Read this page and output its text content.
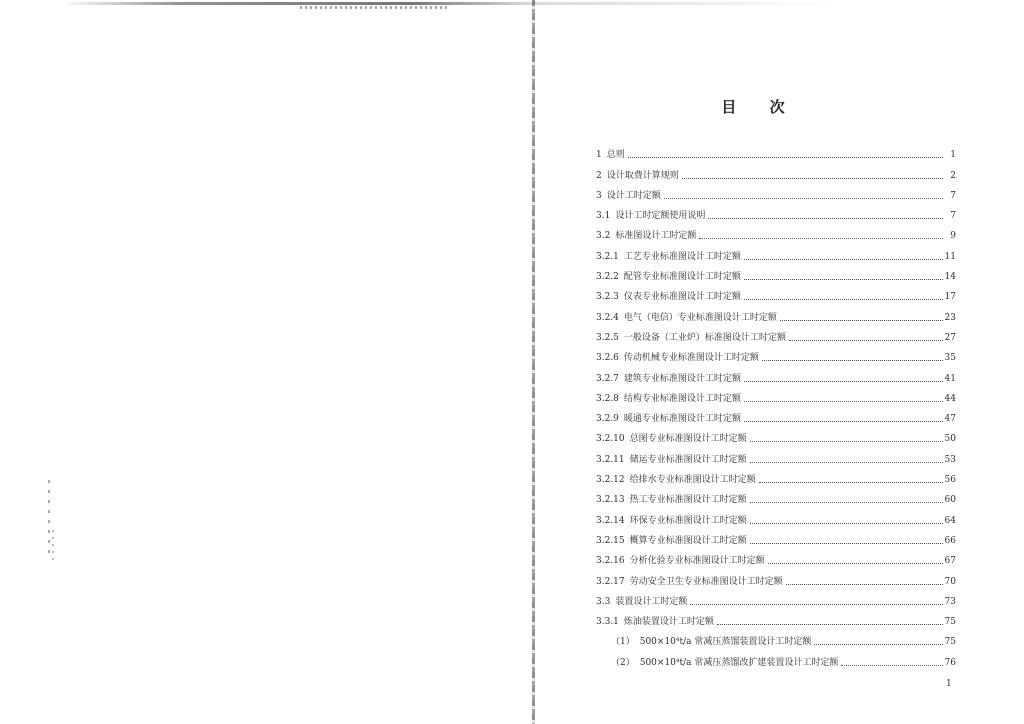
目 次
1 总则	1
2 设计取费计算规则	2
3 设计工时定额	7
3.1 设计工时定额使用说明	7
3.2 标准图设计工时定额	9
3.2.1 工艺专业标准图设计工时定额	11
3.2.2 配管专业标准图设计工时定额	14
3.2.3 仪表专业标准图设计工时定额	17
3.2.4 电气（电信）专业标准图设计工时定额	23
3.2.5 一般设备（工业炉）标准图设计工时定额	27
3.2.6 传动机械专业标准图设计工时定额	35
3.2.7 建筑专业标准图设计工时定额	41
3.2.8 结构专业标准图设计工时定额	44
3.2.9 暖通专业标准图设计工时定额	47
3.2.10 总图专业标准图设计工时定额	50
3.2.11 储运专业标准图设计工时定额	53
3.2.12 给排水专业标准图设计工时定额	56
3.2.13 热工专业标准图设计工时定额	60
3.2.14 环保专业标准图设计工时定额	64
3.2.15 概算专业标准图设计工时定额	66
3.2.16 分析化验专业标准图设计工时定额	67
3.2.17 劳动安全卫生专业标准图设计工时定额	70
3.3 装置设计工时定额	73
3.3.1 炼油装置设计工时定额	75
（1） 500×10⁴t/a 常减压蒸馏装置设计工时定额	75
（2） 500×10⁴t/a 常减压蒸馏改扩建装置设计工时定额	76
1
